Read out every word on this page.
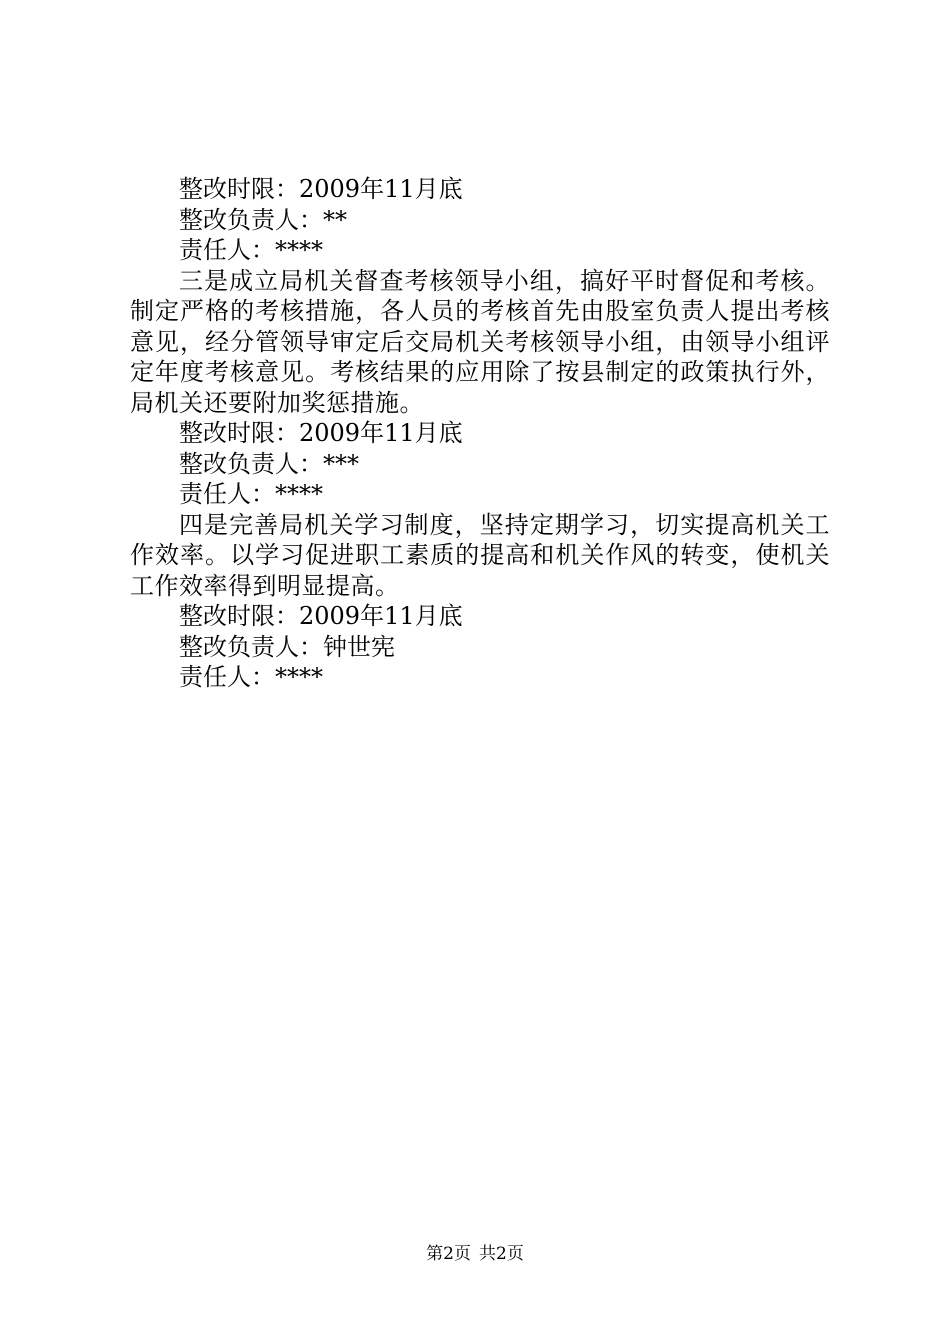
整改时限：2009年11月底
整改负责人：**
责任人：****
三是成立局机关督查考核领导小组，搞好平时督促和考核。制定严格的考核措施，各人员的考核首先由股室负责人提出考核意见，经分管领导审定后交局机关考核领导小组，由领导小组评定年度考核意见。考核结果的应用除了按县制定的政策执行外，局机关还要附加奖惩措施。
整改时限：2009年11月底
整改负责人：***
责任人：****
四是完善局机关学习制度，坚持定期学习，切实提高机关工作效率。以学习促进职工素质的提高和机关作风的转变，使机关工作效率得到明显提高。
整改时限：2009年11月底
整改负责人：钟世宪
责任人：****
第2页 共2页
